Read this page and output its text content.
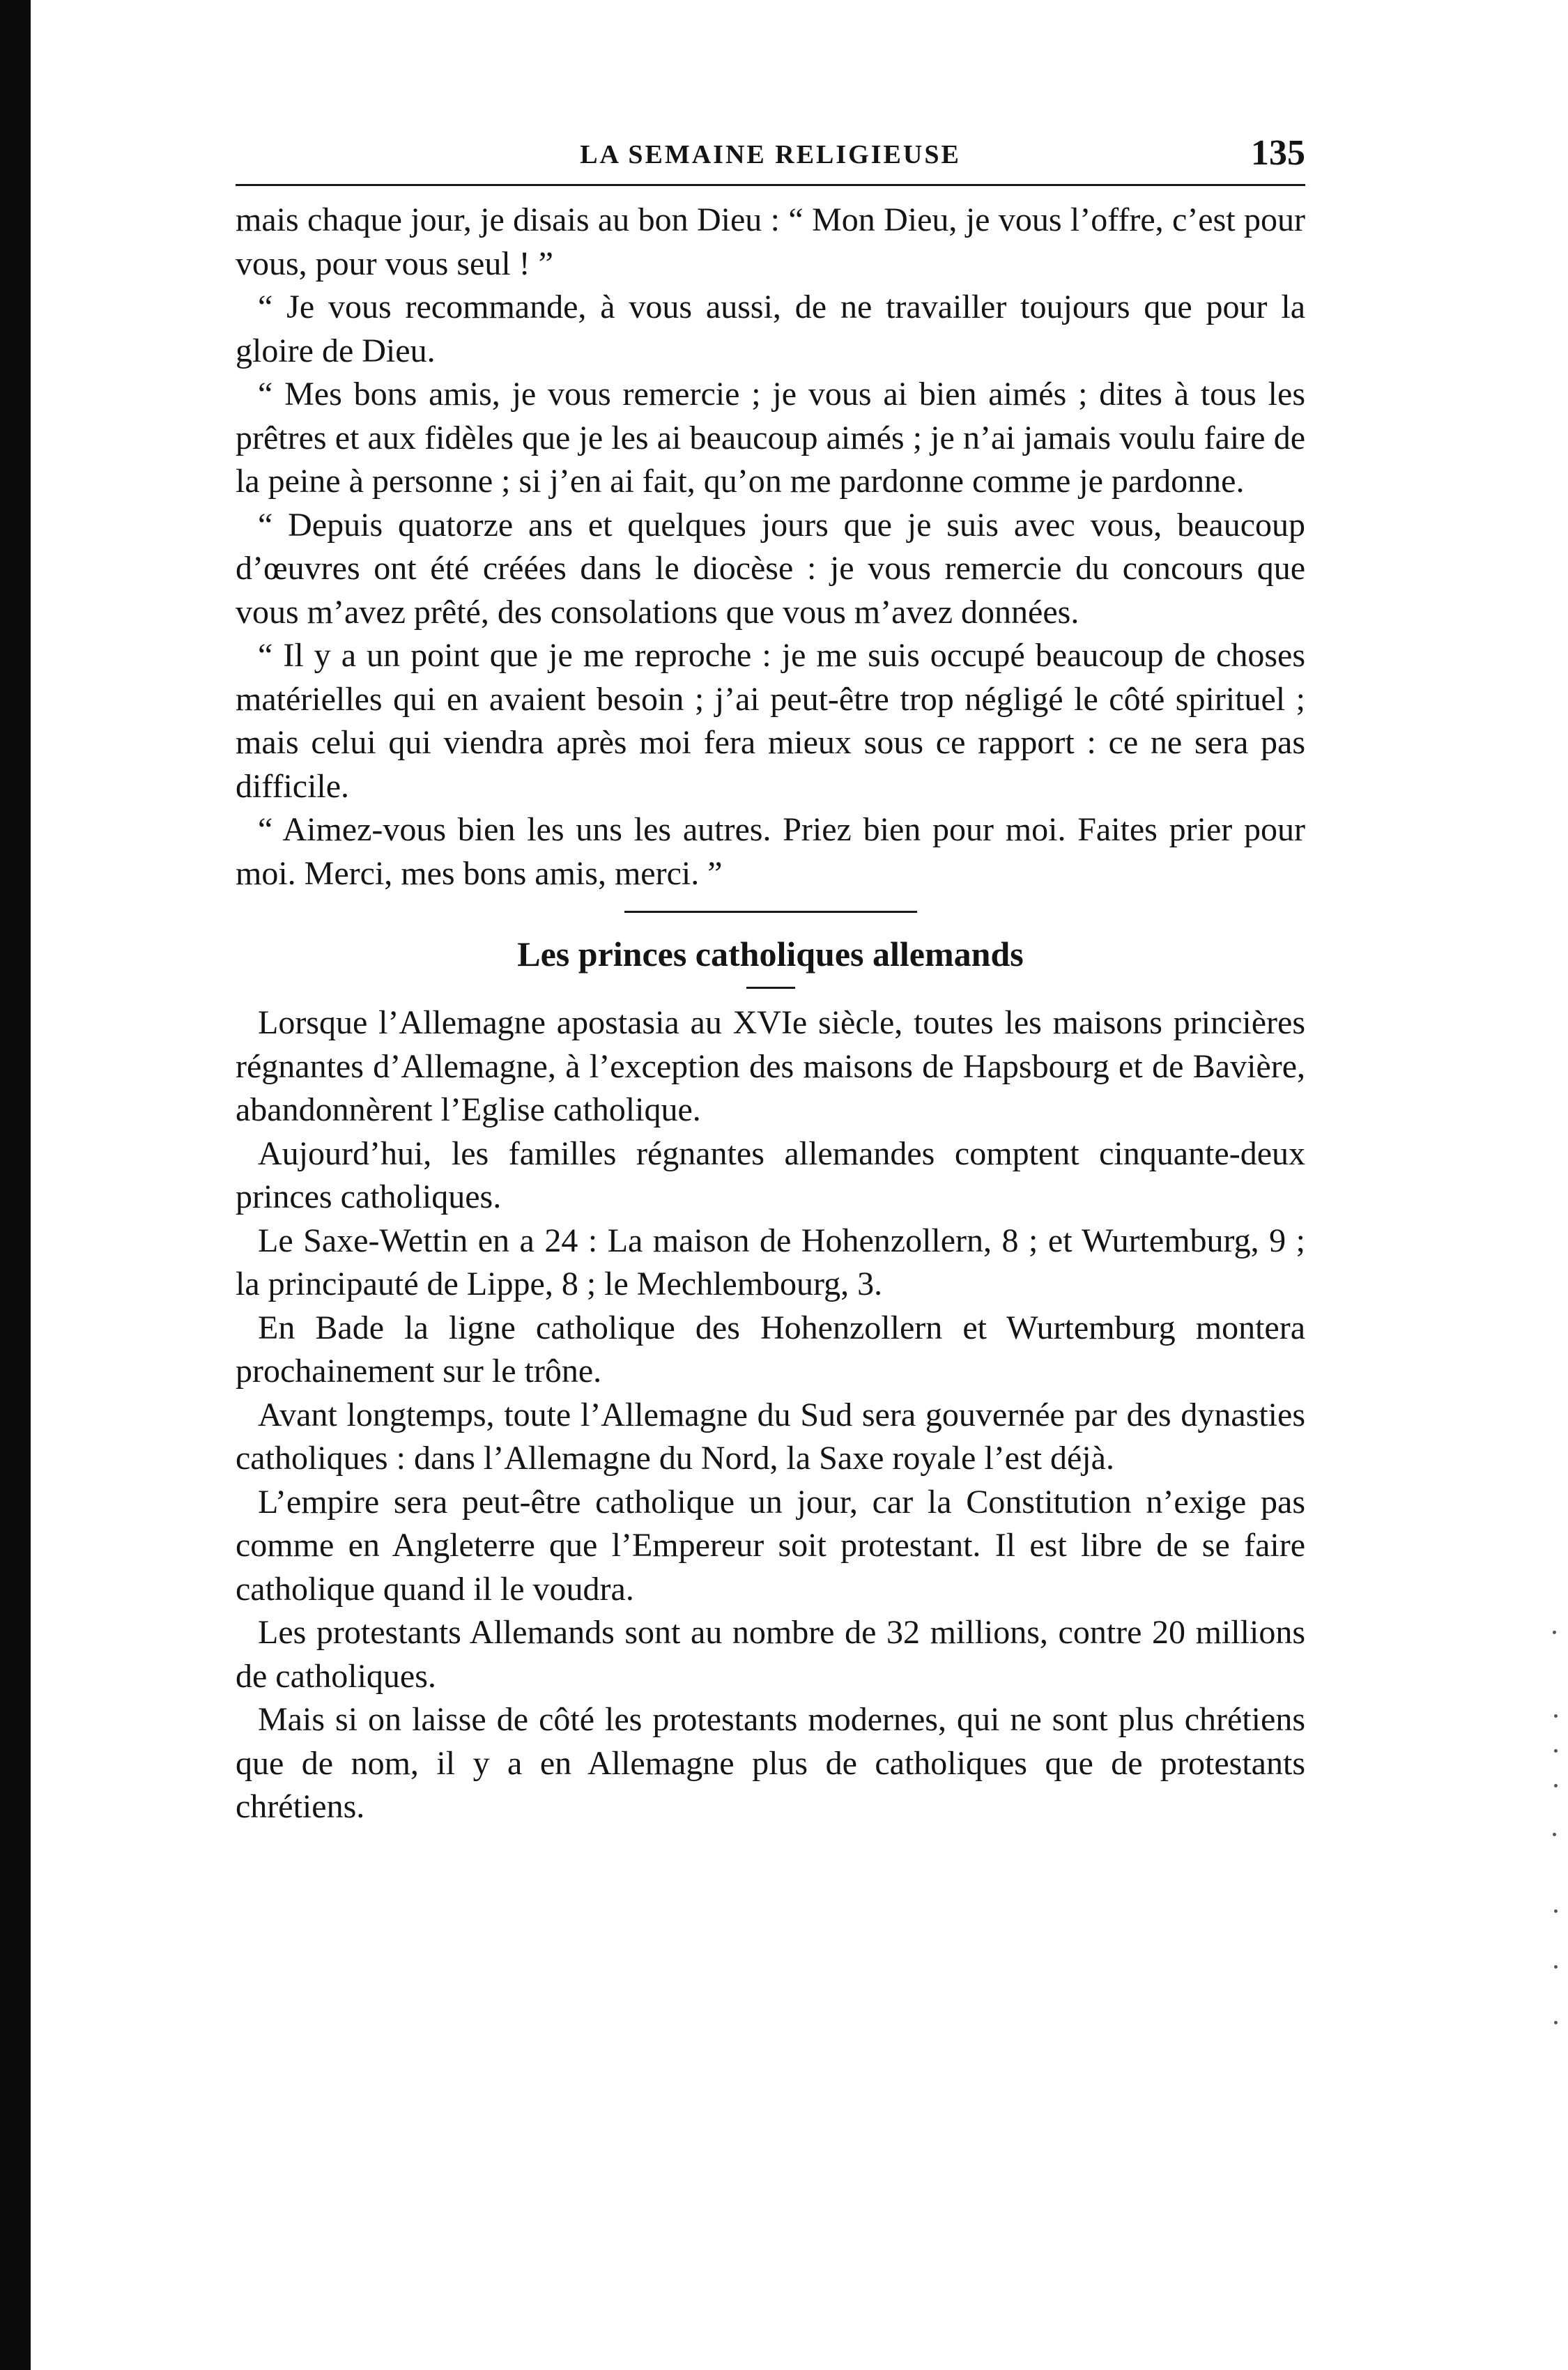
LA SEMAINE RELIGIEUSE	135

mais chaque jour, je disais au bon Dieu : “ Mon Dieu, je vous l’offre, c’est pour vous, pour vous seul ! ”

“ Je vous recommande, à vous aussi, de ne travailler toujours que pour la gloire de Dieu.

“ Mes bons amis, je vous remercie ; je vous ai bien aimés ; dites à tous les prêtres et aux fidèles que je les ai beaucoup aimés ; je n’ai jamais voulu faire de la peine à personne ; si j’en ai fait, qu’on me pardonne comme je pardonne.

“ Depuis quatorze ans et quelques jours que je suis avec vous, beaucoup d’œuvres ont été créées dans le diocèse : je vous remercie du concours que vous m’avez prêté, des consolations que vous m’avez données.

“ Il y a un point que je me reproche : je me suis occupé beaucoup de choses matérielles qui en avaient besoin ; j’ai peut-être trop négligé le côté spirituel ; mais celui qui viendra après moi fera mieux sous ce rapport : ce ne sera pas difficile.

“ Aimez-vous bien les uns les autres. Priez bien pour moi. Faites prier pour moi. Merci, mes bons amis, merci. ”

Les princes catholiques allemands

Lorsque l’Allemagne apostasia au XVIe siècle, toutes les maisons princières régnantes d’Allemagne, à l’exception des maisons de Hapsbourg et de Bavière, abandonnèrent l’Eglise catholique.

Aujourd’hui, les familles régnantes allemandes comptent cinquante-deux princes catholiques.

Le Saxe-Wettin en a 24 : La maison de Hohenzollern, 8 ; et Wurtemburg, 9 ; la principauté de Lippe, 8 ; le Mechlembourg, 3.

En Bade la ligne catholique des Hohenzollern et Wurtemburg montera prochainement sur le trône.

Avant longtemps, toute l’Allemagne du Sud sera gouvernée par des dynasties catholiques : dans l’Allemagne du Nord, la Saxe royale l’est déjà.

L’empire sera peut-être catholique un jour, car la Constitution n’exige pas comme en Angleterre que l’Empereur soit protestant. Il est libre de se faire catholique quand il le voudra.

Les protestants Allemands sont au nombre de 32 millions, contre 20 millions de catholiques.

Mais si on laisse de côté les protestants modernes, qui ne sont plus chrétiens que de nom, il y a en Allemagne plus de catholiques que de protestants chrétiens.
